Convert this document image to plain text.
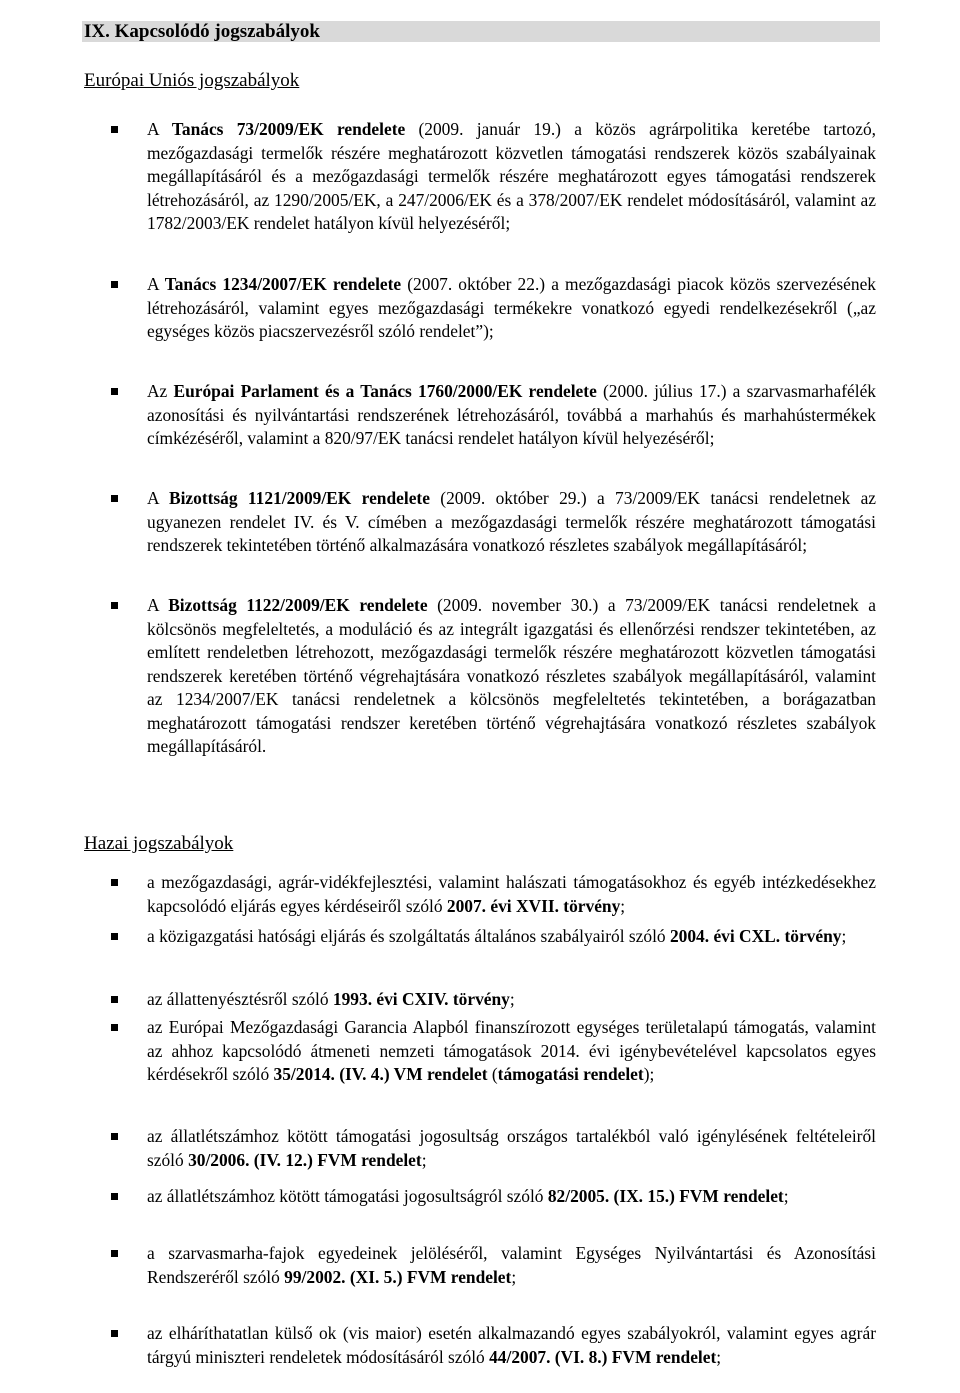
IX. Kapcsolódó jogszabályok
Európai Uniós jogszabályok
A Tanács 73/2009/EK rendelete (2009. január 19.) a közös agrárpolitika keretébe tartozó, mezőgazdasági termelők részére meghatározott közvetlen támogatási rendszerek közös szabályainak megállapításáról és a mezőgazdasági termelők részére meghatározott egyes támogatási rendszerek létrehozásáról, az 1290/2005/EK, a 247/2006/EK és a 378/2007/EK rendelet módosításáról, valamint az 1782/2003/EK rendelet hatályon kívül helyezéséről;
A Tanács 1234/2007/EK rendelete (2007. október 22.) a mezőgazdasági piacok közös szervezésének létrehozásáról, valamint egyes mezőgazdasági termékekre vonatkozó egyedi rendelkezésekről („az egységes közös piacszervezésről szóló rendelet”);
Az Európai Parlament és a Tanács 1760/2000/EK rendelete (2000. július 17.) a szarvasmarhafélék azonosítási és nyilvántartási rendszerének létrehozásáról, továbbá a marhahús és marhahústermékek címkézéséről, valamint a 820/97/EK tanácsi rendelet hatályon kívül helyezéséről;
A Bizottság 1121/2009/EK rendelete (2009. október 29.) a 73/2009/EK tanácsi rendeletnek az ugyanezen rendelet IV. és V. címében a mezőgazdasági termelők részére meghatározott támogatási rendszerek tekintetében történő alkalmazására vonatkozó részletes szabályok megállapításáról;
A Bizottság 1122/2009/EK rendelete (2009. november 30.) a 73/2009/EK tanácsi rendeletnek a kölcsönös megfeleltetés, a moduláció és az integrált igazgatási és ellenőrzési rendszer tekintetében, az említett rendeletben létrehozott, mezőgazdasági termelők részére meghatározott közvetlen támogatási rendszerek keretében történő végrehajtására vonatkozó részletes szabályok megállapításáról, valamint az 1234/2007/EK tanácsi rendeletnek a kölcsönös megfeleltetés tekintetében, a borágazatban meghatározott támogatási rendszer keretében történő végrehajtására vonatkozó részletes szabályok megállapításáról.
Hazai jogszabályok
a mezőgazdasági, agrár-vidékfejlesztési, valamint halászati támogatásokhoz és egyéb intézkedésekhez kapcsolódó eljárás egyes kérdéseiről szóló 2007. évi XVII. törvény;
a közigazgatási hatósági eljárás és szolgáltatás általános szabályairól szóló 2004. évi CXL. törvény;
az állattenyésztésről szóló 1993. évi CXIV. törvény;
az Európai Mezőgazdasági Garancia Alapból finanszírozott egységes területalapú támogatás, valamint az ahhoz kapcsolódó átmeneti nemzeti támogatások 2014. évi igénybevételével kapcsolatos egyes kérdésekről szóló 35/2014. (IV. 4.) VM rendelet (támogatási rendelet);
az állatlétszámhoz kötött támogatási jogosultság országos tartalékból való igénylésének feltételeiről szóló 30/2006. (IV. 12.) FVM rendelet;
az állatlétszámhoz kötött támogatási jogosultságról szóló 82/2005. (IX. 15.) FVM rendelet;
a szarvasmarha-fajok egyedeinek jelöléséről, valamint Egységes Nyilvántartási és Azonosítási Rendszeréről szóló 99/2002. (XI. 5.) FVM rendelet;
az elháríthatatlan külső ok (vis maior) esetén alkalmazandó egyes szabályokról, valamint egyes agrár tárgyú miniszteri rendeletek módosításáról szóló 44/2007. (VI. 8.) FVM rendelet;
